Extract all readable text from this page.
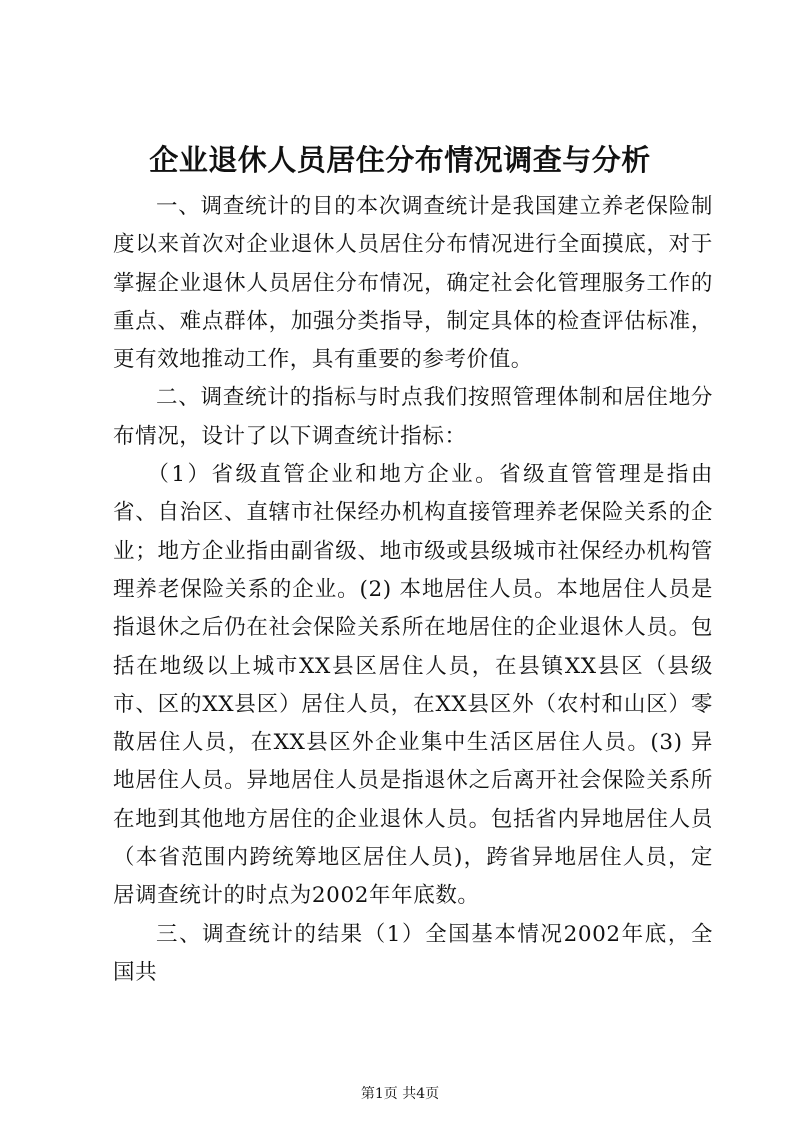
企业退休人员居住分布情况调查与分析

一、调查统计的目的本次调查统计是我国建立养老保险制度以来首次对企业退休人员居住分布情况进行全面摸底，对于掌握企业退休人员居住分布情况，确定社会化管理服务工作的重点、难点群体，加强分类指导，制定具体的检查评估标准，更有效地推动工作，具有重要的参考价值。

二、调查统计的指标与时点我们按照管理体制和居住地分布情况，设计了以下调查统计指标：

（1）省级直管企业和地方企业。省级直管管理是指由省、自治区、直辖市社保经办机构直接管理养老保险关系的企业；地方企业指由副省级、地市级或县级城市社保经办机构管理养老保险关系的企业。(2) 本地居住人员。本地居住人员是指退休之后仍在社会保险关系所在地居住的企业退休人员。包括在地级以上城市XX县区居住人员，在县镇XX县区（县级市、区的XX县区）居住人员，在XX县区外（农村和山区）零散居住人员，在XX县区外企业集中生活区居住人员。(3) 异地居住人员。异地居住人员是指退休之后离开社会保险关系所在地到其他地方居住的企业退休人员。包括省内异地居住人员（本省范围内跨统筹地区居住人员)，跨省异地居住人员，定居调查统计的时点为2002年年底数。

三、调查统计的结果（1）全国基本情况2002年底，全国共

第1页 共4页
